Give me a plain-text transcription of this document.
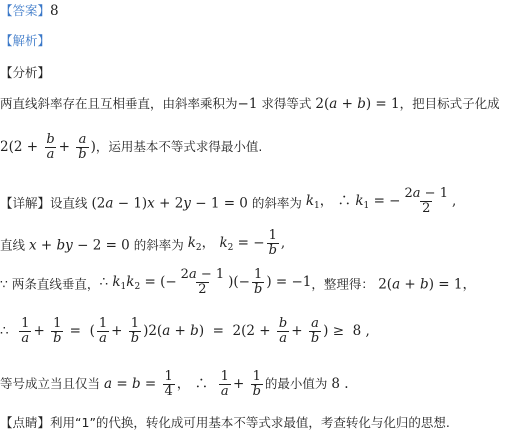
【答案】8
【解析】
【分析】
两直线斜率存在且互相垂直，由斜率乘积为−1 求得等式 2(a + b) = 1，把目标式子化成
$2(2 + \frac{b}{a} + \frac{a}{b}$ )，运用基本不等式求得最小值.
【详解】设直线 (2a − 1)x + 2y − 1 = 0 的斜率为 $k_1$， ∴ $k_1$ = − $\frac{2a - 1}{2}$ ,
直线 x + by − 2 = 0 的斜率为 $k_2$， $k_2$ = − $\frac{1}{b}$ ,
∵ 两条直线垂直，∴ $k_1k_2$ = (− $\frac{2a - 1}{2}$ )(− $\frac{1}{b}$ ) = −1，整理得： 2(a + b) = 1，
∴ $\frac{1}{a} + \frac{1}{b}$ =  ( $\frac{1}{a} + \frac{1}{b} )2(a + b) = 2(2 + \frac{b}{a} + \frac{a}{b}$ ) ≥  8 ,
等号成立当且仅当 $a = b = \frac{1}{4}$ ， ∴ $\frac{1}{a} + \frac{1}{b}$ 的最小值为 8 .
【点睛】利用“1”的代换，转化成可用基本不等式求最值，考查转化与化归的思想.
